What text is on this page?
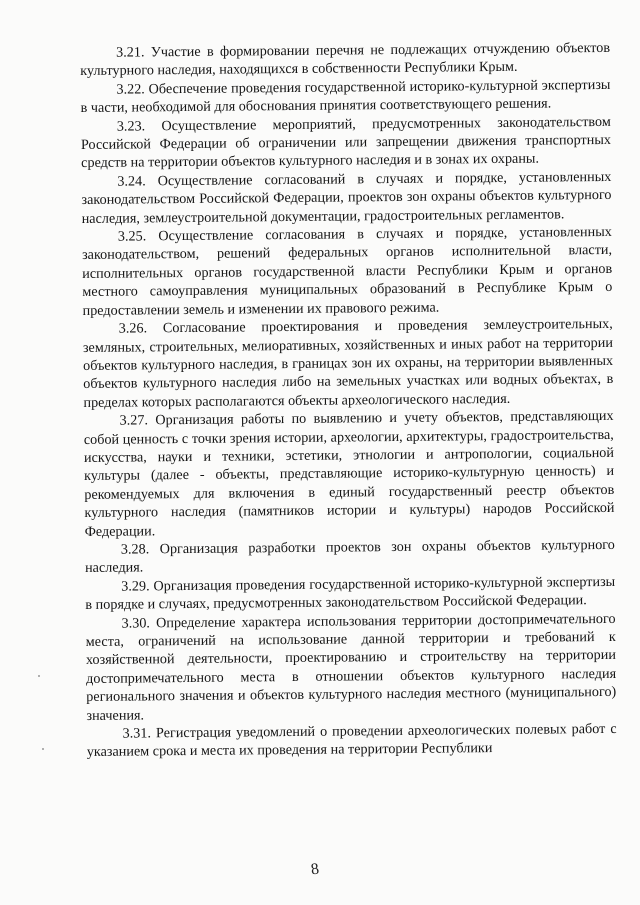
3.21. Участие в формировании перечня не подлежащих отчуждению объектов культурного наследия, находящихся в собственности Республики Крым.

3.22. Обеспечение проведения государственной историко-культурной экспертизы в части, необходимой для обоснования принятия соответствующего решения.

3.23. Осуществление мероприятий, предусмотренных законодательством Российской Федерации об ограничении или запрещении движения транспортных средств на территории объектов культурного наследия и в зонах их охраны.

3.24. Осуществление согласований в случаях и порядке, установленных законодательством Российской Федерации, проектов зон охраны объектов культурного наследия, землеустроительной документации, градостроительных регламентов.

3.25. Осуществление согласования в случаях и порядке, установленных законодательством, решений федеральных органов исполнительной власти, исполнительных органов государственной власти Республики Крым и органов местного самоуправления муниципальных образований в Республике Крым о предоставлении земель и изменении их правового режима.

3.26. Согласование проектирования и проведения землеустроительных, земляных, строительных, мелиоративных, хозяйственных и иных работ на территории объектов культурного наследия, в границах зон их охраны, на территории выявленных объектов культурного наследия либо на земельных участках или водных объектах, в пределах которых располагаются объекты археологического наследия.

3.27. Организация работы по выявлению и учету объектов, представляющих собой ценность с точки зрения истории, археологии, архитектуры, градостроительства, искусства, науки и техники, эстетики, этнологии и антропологии, социальной культуры (далее - объекты, представляющие историко-культурную ценность) и рекомендуемых для включения в единый государственный реестр объектов культурного наследия (памятников истории и культуры) народов Российской Федерации.

3.28. Организация разработки проектов зон охраны объектов культурного наследия.

3.29. Организация проведения государственной историко-культурной экспертизы в порядке и случаях, предусмотренных законодательством Российской Федерации.

3.30. Определение характера использования территории достопримечательного места, ограничений на использование данной территории и требований к хозяйственной деятельности, проектированию и строительству на территории достопримечательного места в отношении объектов культурного наследия регионального значения и объектов культурного наследия местного (муниципального) значения.

3.31. Регистрация уведомлений о проведении археологических полевых работ с указанием срока и места их проведения на территории Республики

8
